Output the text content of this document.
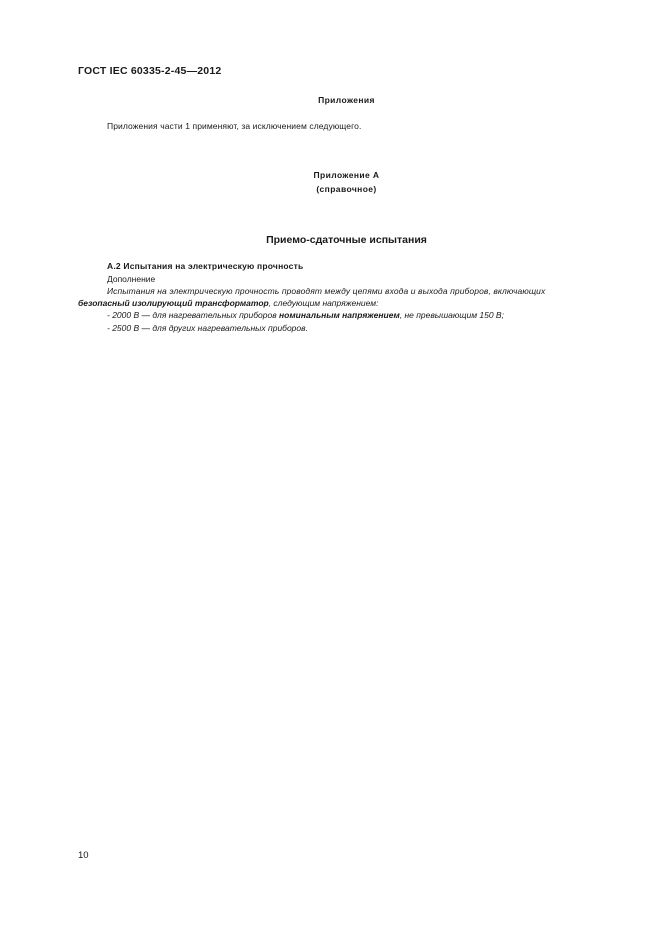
ГОСТ IEC 60335-2-45—2012
Приложения
Приложения части 1 применяют, за исключением следующего.
Приложение А
(справочное)
Приемо-сдаточные испытания
А.2 Испытания на электрическую прочность
Дополнение
Испытания на электрическую прочность проводят между цепями входа и выхода приборов, включающих
безопасный изолирующий трансформатор, следующим напряжением:
- 2000 В — для нагревательных приборов номинальным напряжением, не превышающим 150 В;
- 2500 В — для других нагревательных приборов.
10
